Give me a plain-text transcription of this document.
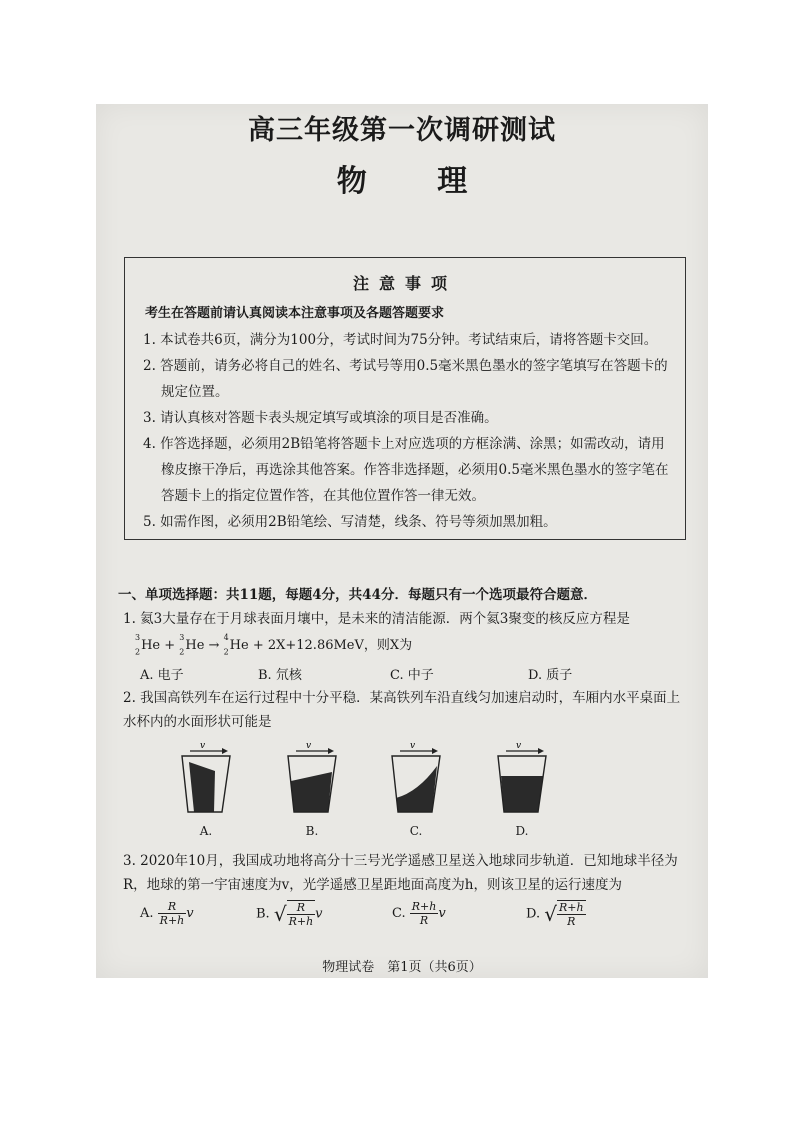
高三年级第一次调研测试
物 理
注意事项
考生在答题前请认真阅读本注意事项及各题答题要求
1. 本试卷共6页，满分为100分，考试时间为75分钟。考试结束后，请将答题卡交回。
2. 答题前，请务必将自己的姓名、考试号等用0.5毫米黑色墨水的签字笔填写在答题卡的规定位置。
3. 请认真核对答题卡表头规定填写或填涂的项目是否准确。
4. 作答选择题，必须用2B铅笔将答题卡上对应选项的方框涂满、涂黑；如需改动，请用橡皮擦干净后，再选涂其他答案。作答非选择题，必须用0.5毫米黑色墨水的签字笔在答题卡上的指定位置作答，在其他位置作答一律无效。
5. 如需作图，必须用2B铅笔绘、写清楚，线条、符号等须加黑加粗。
一、单项选择题：共11题，每题4分，共44分．每题只有一个选项最符合题意．
1. 氦3大量存在于月球表面月壤中，是未来的清洁能源．两个氦3聚变的核反应方程是
$^3$
$_2$He + $^3$
$_2$He → $^4$
$_2$He + 2X+12.86MeV，则X为
A. 电子	B. 氘核	C. 中子	D. 质子
2. 我国高铁列车在运行过程中十分平稳．某高铁列车沿直线匀加速启动时，车厢内水平桌面上水杯内的水面形状可能是
v
A.
v
B.
v
C.
v
D.
3. 2020年10月，我国成功地将高分十三号光学遥感卫星送入地球同步轨道．已知地球半径为R，地球的第一宇宙速度为v，光学遥感卫星距地面高度为h，则该卫星的运行速度为
A. $\frac{R}{R+h}$ v	B. √ $\frac{R}{R+h}$ v	C. $\frac{R+h}{R}$ v	D. √ $\frac{R+h}{R}$
物理试卷　第1页（共6页）
